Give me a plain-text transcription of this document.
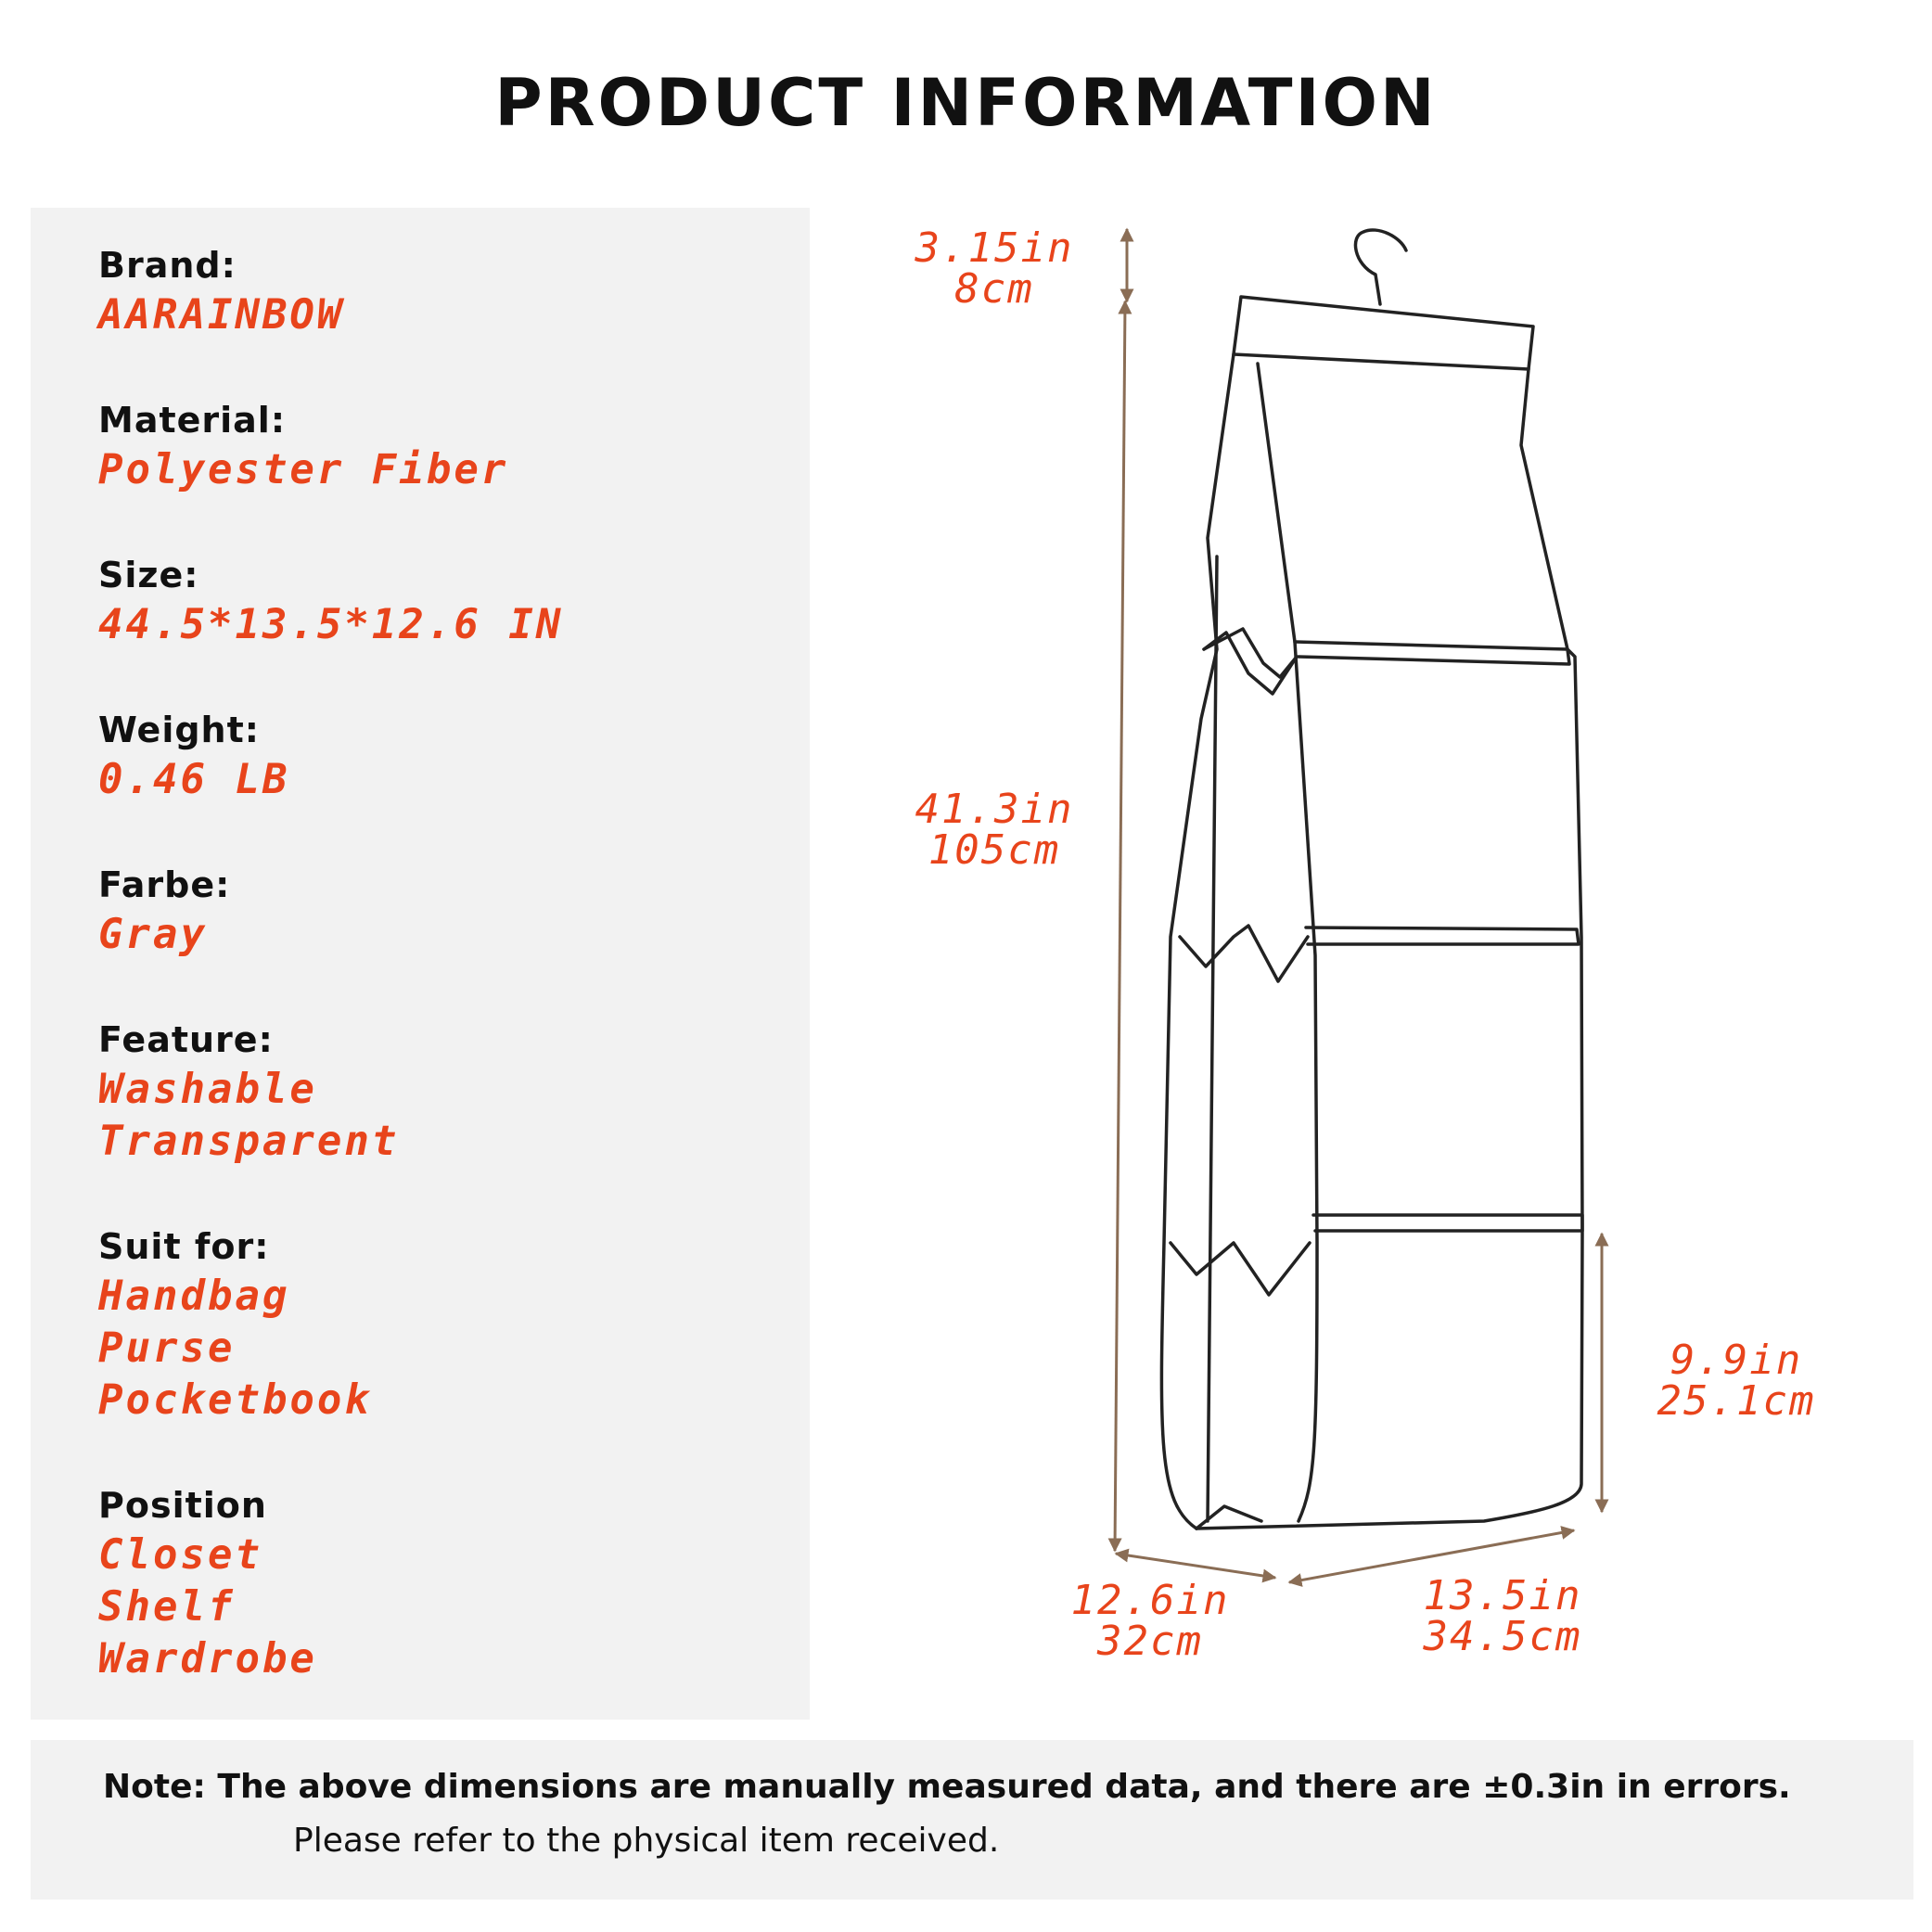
PRODUCT INFORMATION
Brand:
AARAINBOW
Material:
Polyester Fiber
Size:
44.5*13.5*12.6 IN
Weight:
0.46 LB
Farbe:
Gray
Feature:
Washable
Transparent
Suit for:
Handbag
Purse
Pocketbook
Position
Closet
Shelf
Wardrobe
3.15in
8cm
41.3in
105cm
9.9in
25.1cm
12.6in
32cm
13.5in
34.5cm
Note: The above dimensions are manually measured data, and there are ±0.3in in errors.
Please refer to the physical item received.
